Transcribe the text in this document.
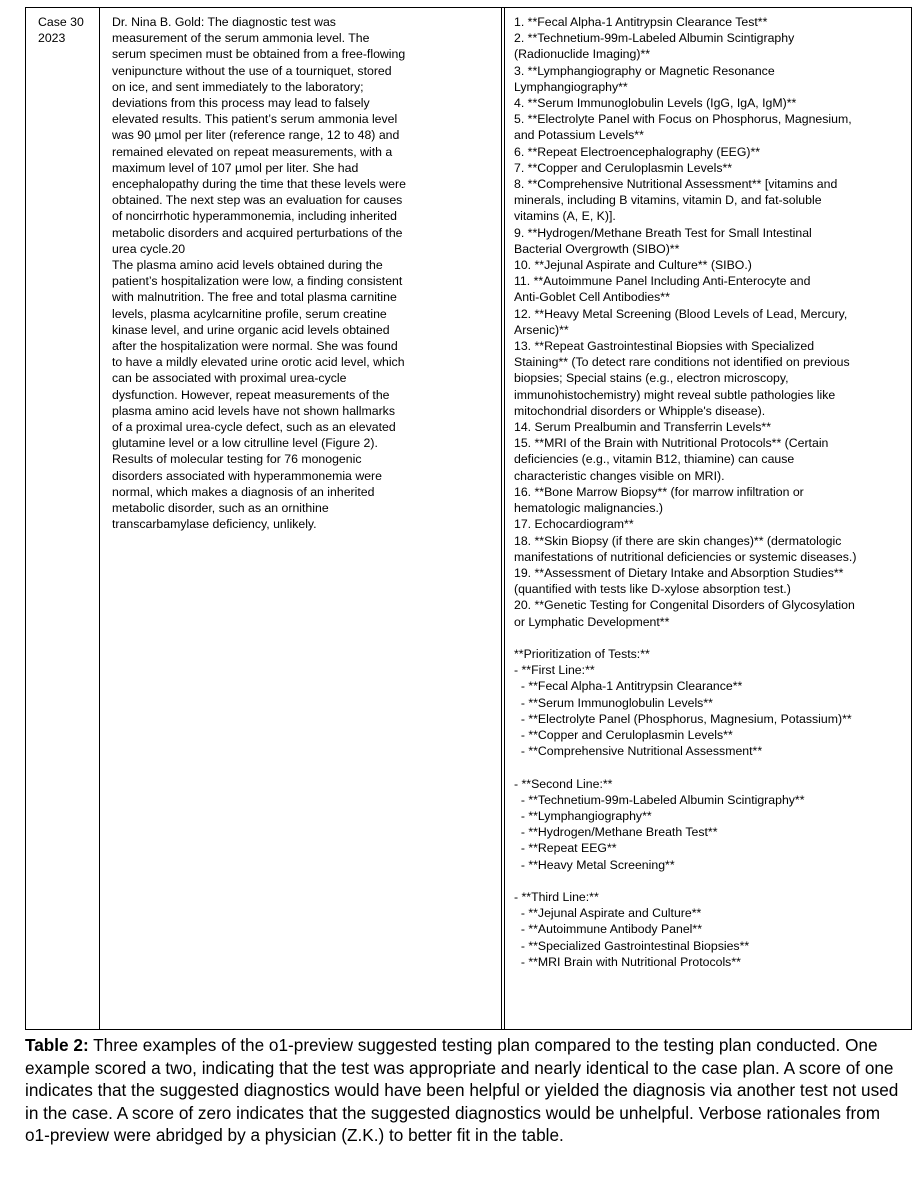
Case 30
2023
Dr. Nina B. Gold: The diagnostic test was
measurement of the serum ammonia level. The
serum specimen must be obtained from a free-flowing
venipuncture without the use of a tourniquet, stored
on ice, and sent immediately to the laboratory;
deviations from this process may lead to falsely
elevated results. This patient’s serum ammonia level
was 90 µmol per liter (reference range, 12 to 48) and
remained elevated on repeat measurements, with a
maximum level of 107 µmol per liter. She had
encephalopathy during the time that these levels were
obtained. The next step was an evaluation for causes
of noncirrhotic hyperammonemia, including inherited
metabolic disorders and acquired perturbations of the
urea cycle.20
The plasma amino acid levels obtained during the
patient’s hospitalization were low, a finding consistent
with malnutrition. The free and total plasma carnitine
levels, plasma acylcarnitine profile, serum creatine
kinase level, and urine organic acid levels obtained
after the hospitalization were normal. She was found
to have a mildly elevated urine orotic acid level, which
can be associated with proximal urea-cycle
dysfunction. However, repeat measurements of the
plasma amino acid levels have not shown hallmarks
of a proximal urea-cycle defect, such as an elevated
glutamine level or a low citrulline level (Figure 2).
Results of molecular testing for 76 monogenic
disorders associated with hyperammonemia were
normal, which makes a diagnosis of an inherited
metabolic disorder, such as an ornithine
transcarbamylase deficiency, unlikely.
1. **Fecal Alpha-1 Antitrypsin Clearance Test**
2. **Technetium-99m-Labeled Albumin Scintigraphy
(Radionuclide Imaging)**
3. **Lymphangiography or Magnetic Resonance
Lymphangiography**
4. **Serum Immunoglobulin Levels (IgG, IgA, IgM)**
5. **Electrolyte Panel with Focus on Phosphorus, Magnesium,
and Potassium Levels**
6. **Repeat Electroencephalography (EEG)**
7. **Copper and Ceruloplasmin Levels**
8. **Comprehensive Nutritional Assessment** [vitamins and
minerals, including B vitamins, vitamin D, and fat-soluble
vitamins (A, E, K)].
9. **Hydrogen/Methane Breath Test for Small Intestinal
Bacterial Overgrowth (SIBO)**
10. **Jejunal Aspirate and Culture** (SIBO.)
11. **Autoimmune Panel Including Anti-Enterocyte and
Anti-Goblet Cell Antibodies**
12. **Heavy Metal Screening (Blood Levels of Lead, Mercury,
Arsenic)**
13. **Repeat Gastrointestinal Biopsies with Specialized
Staining** (To detect rare conditions not identified on previous
biopsies; Special stains (e.g., electron microscopy,
immunohistochemistry) might reveal subtle pathologies like
mitochondrial disorders or Whipple's disease).
14. Serum Prealbumin and Transferrin Levels**
15. **MRI of the Brain with Nutritional Protocols** (Certain
deficiencies (e.g., vitamin B12, thiamine) can cause
characteristic changes visible on MRI).
16. **Bone Marrow Biopsy** (for marrow infiltration or
hematologic malignancies.)
17. Echocardiogram**
18. **Skin Biopsy (if there are skin changes)** (dermatologic
manifestations of nutritional deficiencies or systemic diseases.)
19. **Assessment of Dietary Intake and Absorption Studies**
(quantified with tests like D-xylose absorption test.)
20. **Genetic Testing for Congenital Disorders of Glycosylation
or Lymphatic Development**

**Prioritization of Tests:**
- **First Line:**
- **Fecal Alpha-1 Antitrypsin Clearance**
- **Serum Immunoglobulin Levels**
- **Electrolyte Panel (Phosphorus, Magnesium, Potassium)**
- **Copper and Ceruloplasmin Levels**
- **Comprehensive Nutritional Assessment**

- **Second Line:**
- **Technetium-99m-Labeled Albumin Scintigraphy**
- **Lymphangiography**
- **Hydrogen/Methane Breath Test**
- **Repeat EEG**
- **Heavy Metal Screening**

- **Third Line:**
- **Jejunal Aspirate and Culture**
- **Autoimmune Antibody Panel**
- **Specialized Gastrointestinal Biopsies**
- **MRI Brain with Nutritional Protocols**

Table 2: Three examples of the o1-preview suggested testing plan compared to the testing plan conducted. One example scored a two, indicating that the test was appropriate and nearly identical to the case plan. A score of one indicates that the suggested diagnostics would have been helpful or yielded the diagnosis via another test not used in the case. A score of zero indicates that the suggested diagnostics would be unhelpful. Verbose rationales from o1-preview were abridged by a physician (Z.K.) to better fit in the table.
